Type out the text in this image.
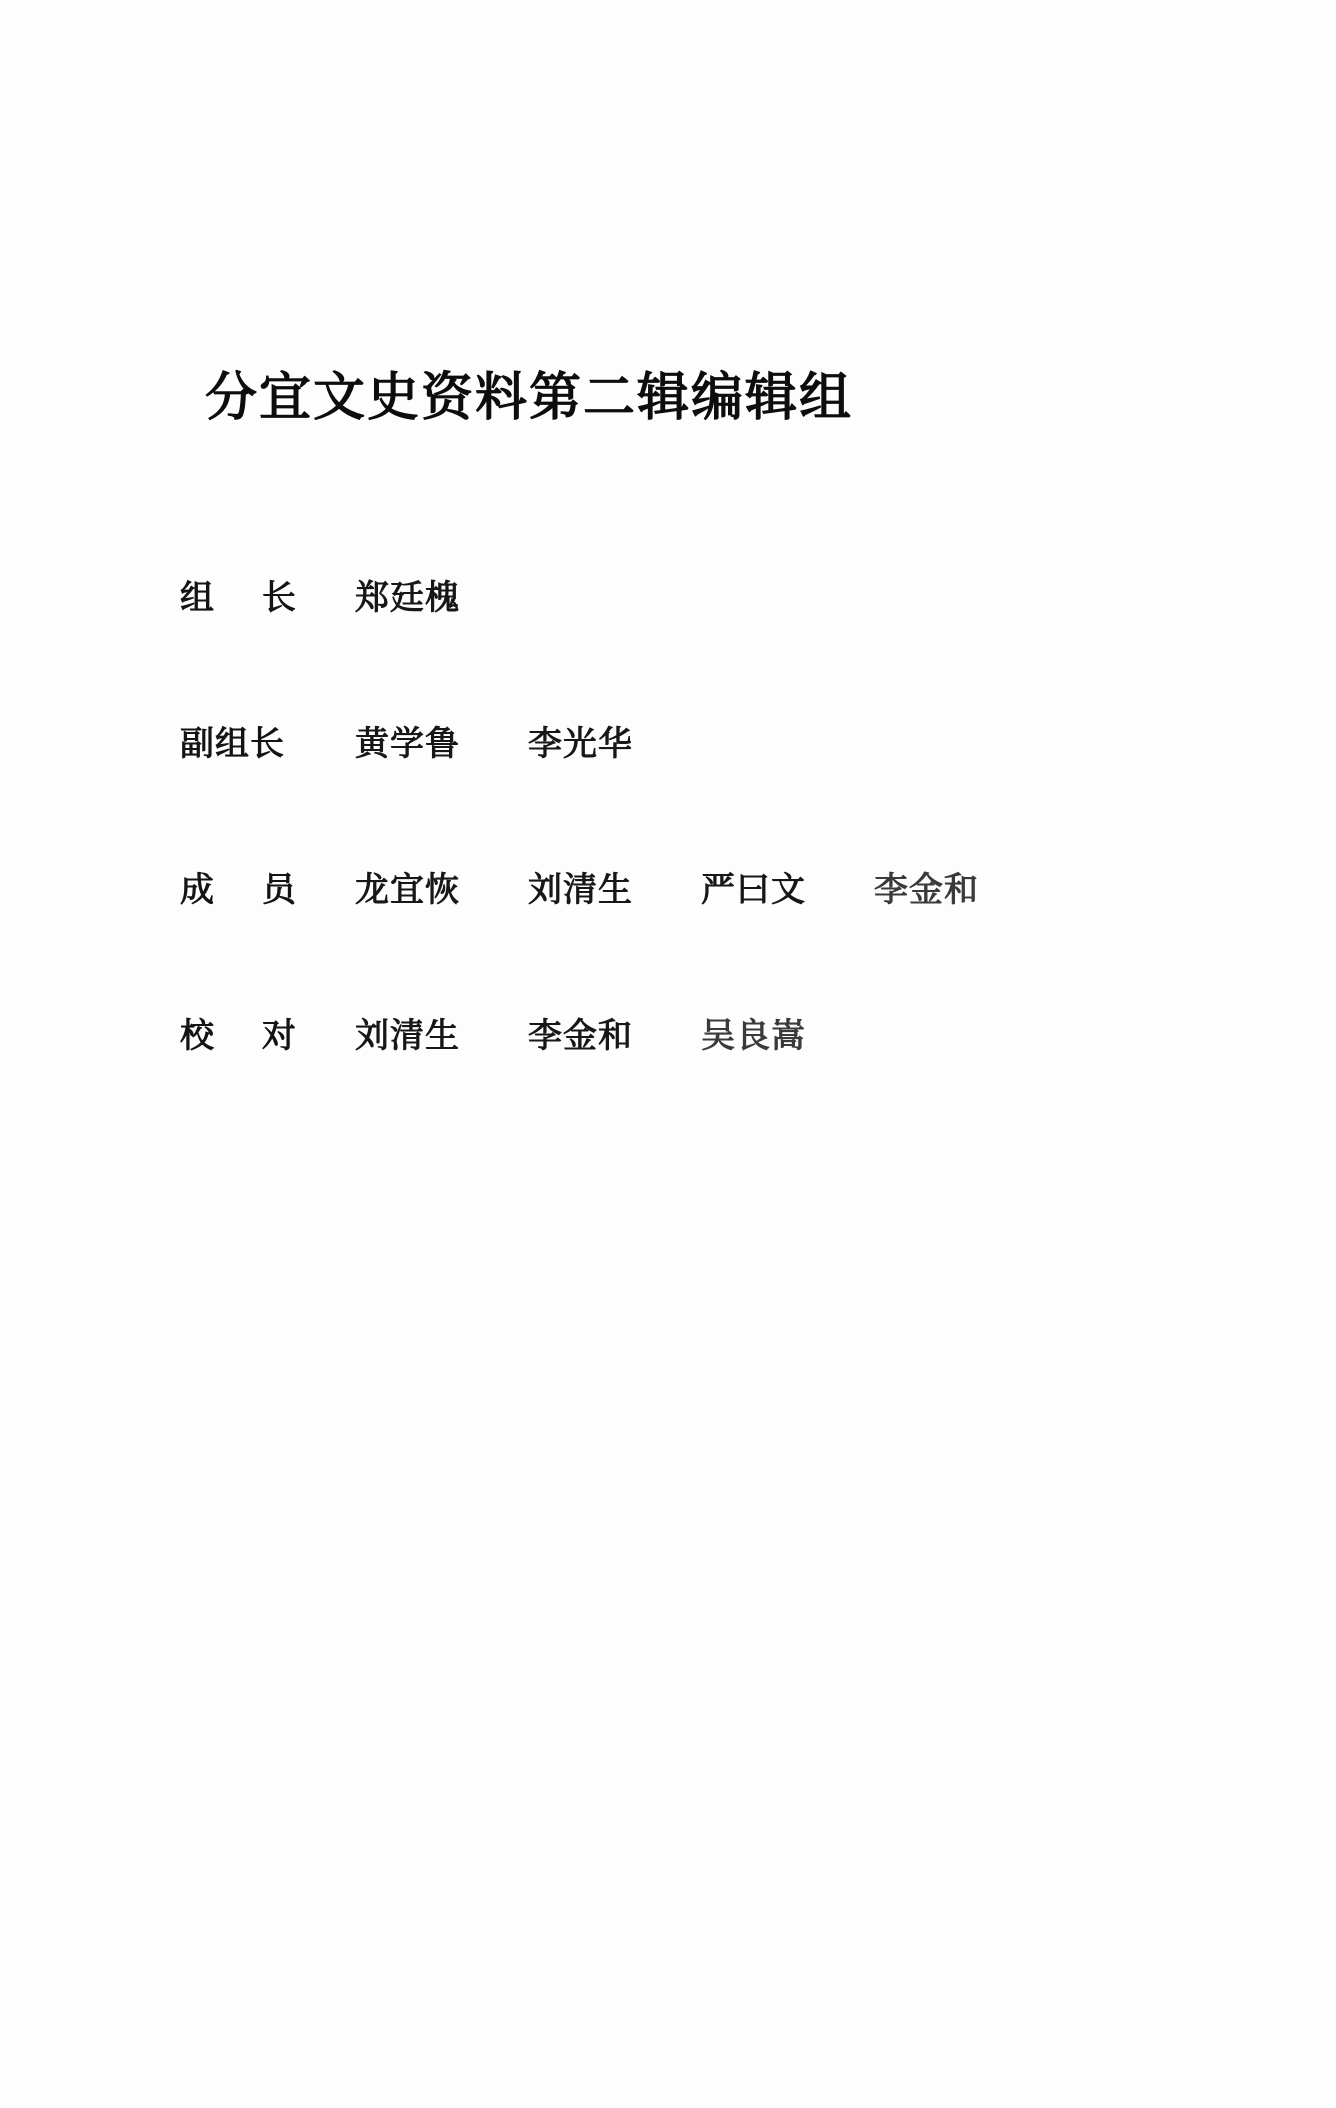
分宜文史资料第二辑编辑组
组 长	郑廷槐
副组长	黄学鲁 李光华
成 员	龙宜恢 刘清生 严曰文 李金和
校 对	刘清生 李金和 吴良嵩
